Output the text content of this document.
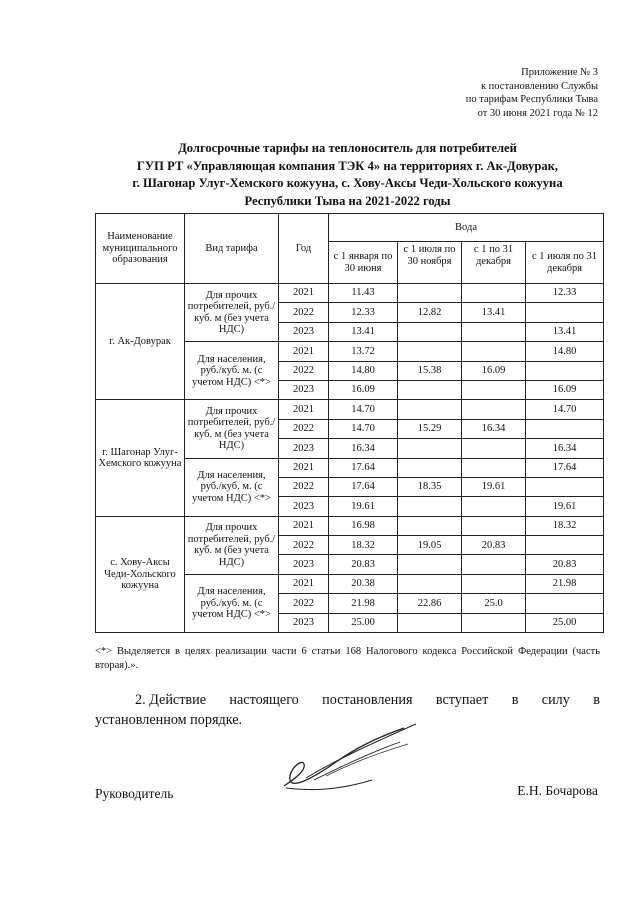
Приложение № 3
к постановлению Службы
по тарифам Республики Тыва
от 30 июня 2021 года № 12
Долгосрочные тарифы на теплоноситель для потребителей
ГУП РТ «Управляющая компания ТЭК 4» на территориях г. Ак-Довурак,
г. Шагонар Улуг-Хемского кожууна, с. Хову-Аксы Чеди-Хольского кожууна
Республики Тыва на 2021-2022 годы
Наименование муниципального образования	Вид тарифа	Год	Вода			
			с 1 января по 30 июня	с 1 июля по 30 ноября	с 1 по 31 декабря	с 1 июля по 31 декабря
г. Ак-Довурак	Для прочих потребителей, руб./куб. м (без учета НДС)	2021	11.43			12.33
		2022	12.33	12.82	13.41	
		2023	13.41			13.41
	Для населения, руб./куб. м. (с учетом НДС) <*>	2021	13.72			14.80
		2022	14.80	15.38	16.09	
		2023	16.09			16.09
г. Шагонар Улуг-Хемского кожууна	Для прочих потребителей, руб./куб. м (без учета НДС)	2021	14.70			14.70
		2022	14.70	15.29	16.34	
		2023	16.34			16.34
	Для населения, руб./куб. м. (с учетом НДС) <*>	2021	17.64			17.64
		2022	17.64	18.35	19.61	
		2023	19.61			19.61
с. Хову-Аксы Чеди-Хольского кожууна	Для прочих потребителей, руб./куб. м (без учета НДС)	2021	16.98			18.32
		2022	18.32	19.05	20.83	
		2023	20.83			20.83
	Для населения, руб./куб. м. (с учетом НДС) <*>	2021	20.38			21.98
		2022	21.98	22.86	25.0	
		2023	25.00			25.00
<*> Выделяется в целях реализации части 6 статьи 168 Налогового кодекса Российской Федерации (часть вторая).».
2. Действие настоящего постановления вступает в силу в
установленном порядке.
Руководитель	Е.Н. Бочарова
